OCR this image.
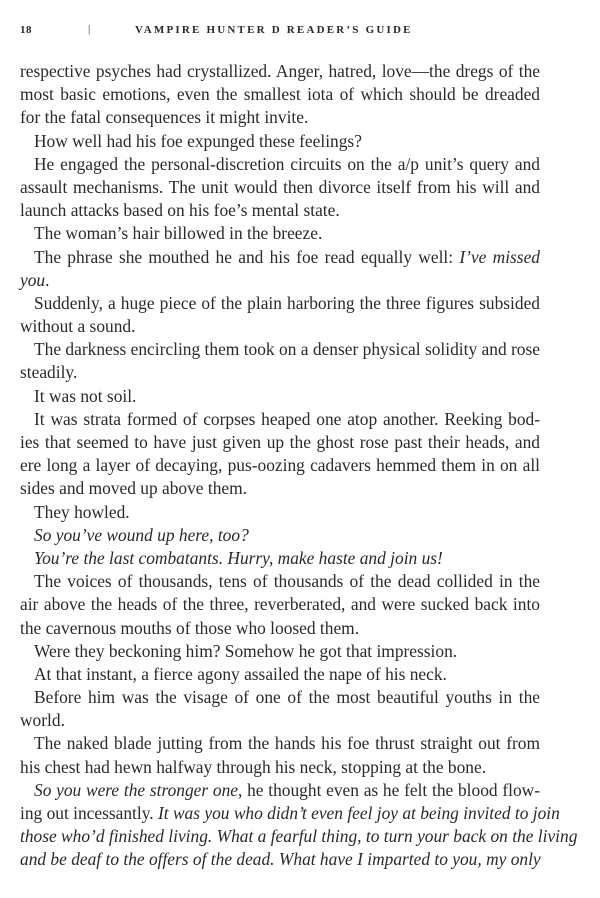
18	|	VAMPIRE HUNTER D READER’S GUIDE
respective psyches had crystallized. Anger, hatred, love—the dregs of the
most basic emotions, even the smallest iota of which should be dreaded
for the fatal consequences it might invite.
How well had his foe expunged these feelings?
He engaged the personal-discretion circuits on the a/p unit’s query and
assault mechanisms. The unit would then divorce itself from his will and
launch attacks based on his foe’s mental state.
The woman’s hair billowed in the breeze.
The phrase she mouthed he and his foe read equally well: I’ve missed
you.
Suddenly, a huge piece of the plain harboring the three figures subsided
without a sound.
The darkness encircling them took on a denser physical solidity and rose
steadily.
It was not soil.
It was strata formed of corpses heaped one atop another. Reeking bod-
ies that seemed to have just given up the ghost rose past their heads, and
ere long a layer of decaying, pus-oozing cadavers hemmed them in on all
sides and moved up above them.
They howled.
So you’ve wound up here, too?
You’re the last combatants. Hurry, make haste and join us!
The voices of thousands, tens of thousands of the dead collided in the
air above the heads of the three, reverberated, and were sucked back into
the cavernous mouths of those who loosed them.
Were they beckoning him? Somehow he got that impression.
At that instant, a fierce agony assailed the nape of his neck.
Before him was the visage of one of the most beautiful youths in the
world.
The naked blade jutting from the hands his foe thrust straight out from
his chest had hewn halfway through his neck, stopping at the bone.
So you were the stronger one, he thought even as he felt the blood flow-
ing out incessantly. It was you who didn’t even feel joy at being invited to join
those who’d finished living. What a fearful thing, to turn your back on the living
and be deaf to the offers of the dead. What have I imparted to you, my only
